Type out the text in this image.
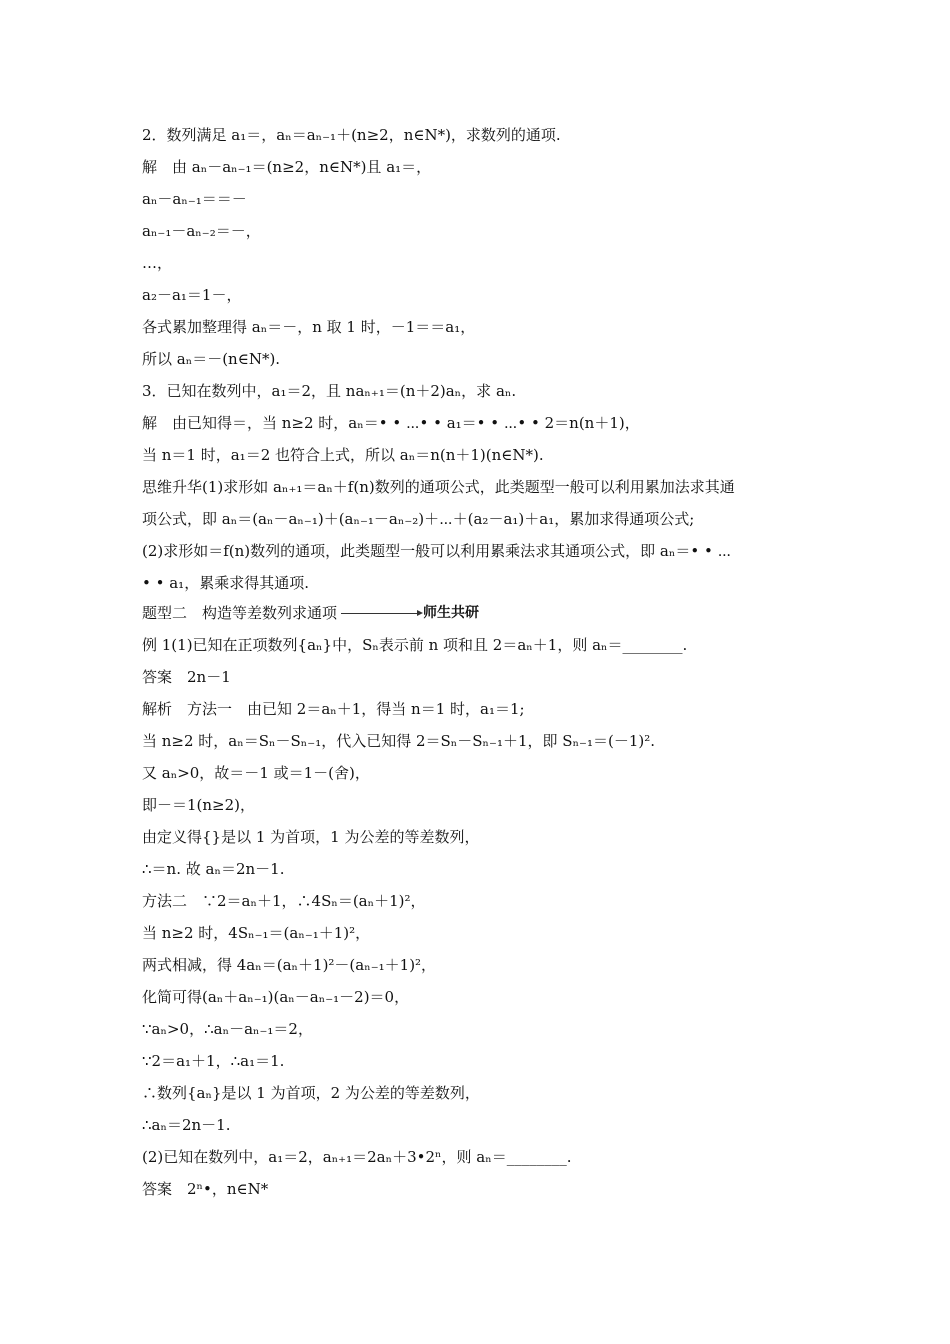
2．数列满足 a₁＝，aₙ＝aₙ₋₁＋(n≥2，n∈N*)，求数列的通项.
解　由 aₙ－aₙ₋₁＝(n≥2，n∈N*)且 a₁＝，
aₙ－aₙ₋₁＝＝－
aₙ₋₁－aₙ₋₂＝－，
…，
a₂－a₁＝1－，
各式累加整理得 aₙ＝－，n 取 1 时，－1＝＝a₁，
所以 aₙ＝－(n∈N*).
3．已知在数列中，a₁＝2，且 naₙ₊₁＝(n＋2)aₙ，求 aₙ.
解　由已知得＝，当 n≥2 时，aₙ＝• • ⋯• • a₁＝• • ⋯• • 2＝n(n＋1)，
当 n＝1 时，a₁＝2 也符合上式，所以 aₙ＝n(n＋1)(n∈N*).
思维升华(1)求形如 aₙ₊₁＝aₙ＋f(n)数列的通项公式，此类题型一般可以利用累加法求其通
项公式，即 aₙ＝(aₙ－aₙ₋₁)＋(aₙ₋₁－aₙ₋₂)＋⋯＋(a₂－a₁)＋a₁，累加求得通项公式;
(2)求形如＝f(n)数列的通项，此类题型一般可以利用累乘法求其通项公式，即 aₙ＝• • ⋯
• • a₁，累乘求得其通项.
题型二　构造等差数列求通项	师生共研
例 1(1)已知在正项数列{aₙ}中，Sₙ表示前 n 项和且 2＝aₙ＋1，则 aₙ＝________.
答案　2n－1
解析　方法一　由已知 2＝aₙ＋1，得当 n＝1 时，a₁＝1;
当 n≥2 时，aₙ＝Sₙ－Sₙ₋₁，代入已知得 2＝Sₙ－Sₙ₋₁＋1，即 Sₙ₋₁＝(－1)².
又 aₙ>0，故＝－1 或＝1－(舍)，
即－＝1(n≥2)，
由定义得{}是以 1 为首项，1 为公差的等差数列，
∴＝n. 故 aₙ＝2n－1.
方法二　∵2＝aₙ＋1，∴4Sₙ＝(aₙ＋1)²，
当 n≥2 时，4Sₙ₋₁＝(aₙ₋₁＋1)²，
两式相减，得 4aₙ＝(aₙ＋1)²－(aₙ₋₁＋1)²，
化简可得(aₙ＋aₙ₋₁)(aₙ－aₙ₋₁－2)＝0，
∵aₙ>0，∴aₙ－aₙ₋₁＝2，
∵2＝a₁＋1，∴a₁＝1.
∴数列{aₙ}是以 1 为首项，2 为公差的等差数列，
∴aₙ＝2n－1.
(2)已知在数列中，a₁＝2，aₙ₊₁＝2aₙ＋3•2ⁿ，则 aₙ＝________.
答案　2ⁿ•，n∈N*
